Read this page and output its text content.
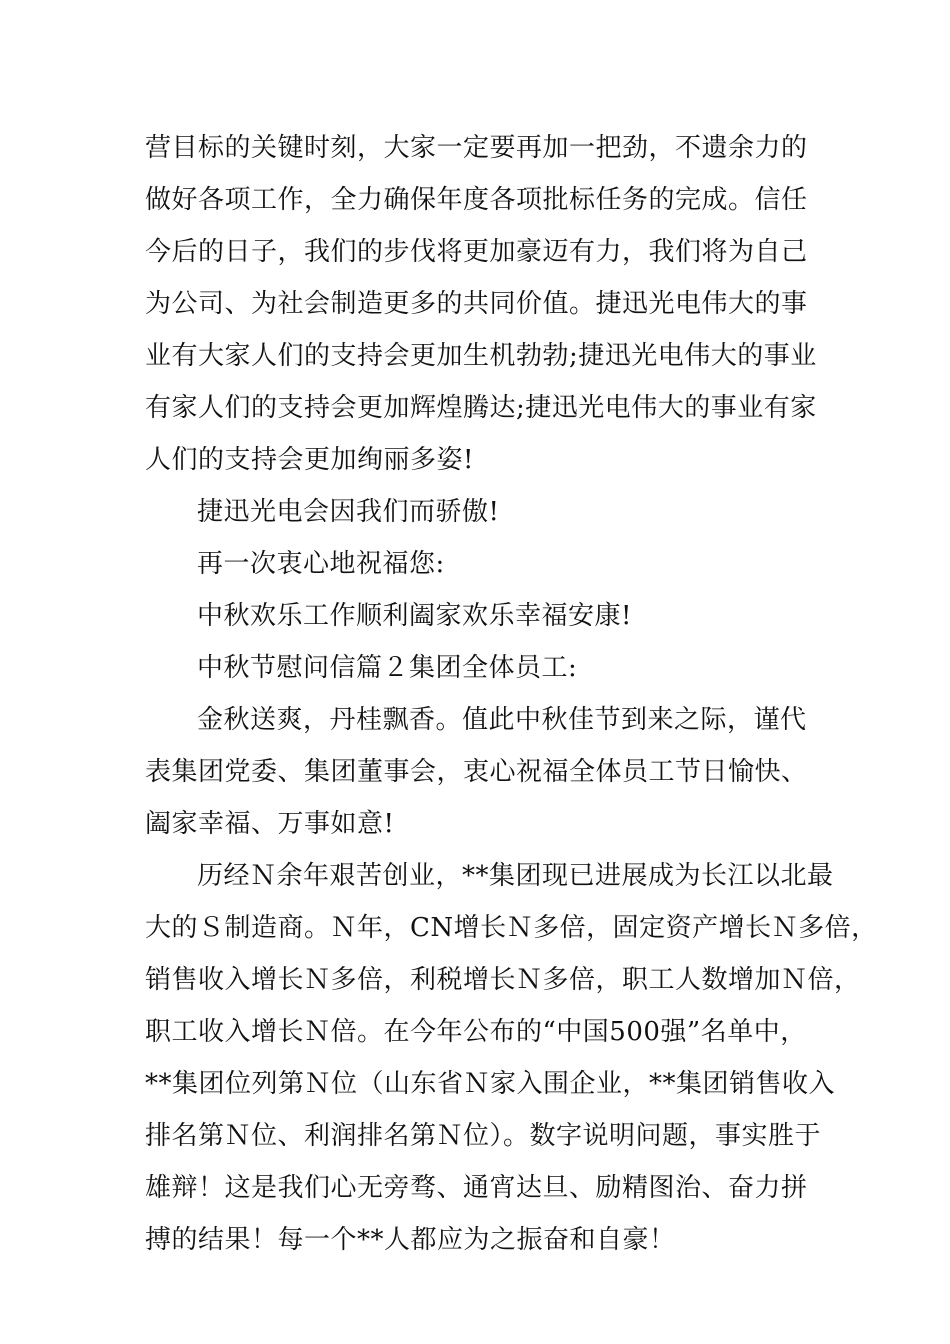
营目标的关键时刻，大家一定要再加一把劲，不遗余力的
做好各项工作，全力确保年度各项批标任务的完成。信任
今后的日子，我们的步伐将更加豪迈有力，我们将为自己
为公司、为社会制造更多的共同价值。捷迅光电伟大的事
业有大家人们的支持会更加生机勃勃;捷迅光电伟大的事业
有家人们的支持会更加辉煌腾达;捷迅光电伟大的事业有家
人们的支持会更加绚丽多姿!
捷迅光电会因我们而骄傲!
再一次衷心地祝福您:
中秋欢乐工作顺利阖家欢乐幸福安康!
中秋节慰问信篇２集团全体员工:
金秋送爽，丹桂飘香。值此中秋佳节到来之际，谨代
表集团党委、集团董事会，衷心祝福全体员工节日愉快、
阖家幸福、万事如意!
历经Ｎ余年艰苦创业，**集团现已进展成为长江以北最
大的Ｓ制造商。Ｎ年，CN增长Ｎ多倍，固定资产增长Ｎ多倍，
销售收入增长Ｎ多倍，利税增长Ｎ多倍，职工人数增加Ｎ倍，
职工收入增长Ｎ倍。在今年公布的“中国500强”名单中，
**集团位列第Ｎ位（山东省Ｎ家入围企业，**集团销售收入
排名第Ｎ位、利润排名第Ｎ位）。数字说明问题，事实胜于
雄辩！这是我们心无旁骛、通宵达旦、励精图治、奋力拼
搏的结果！每一个**人都应为之振奋和自豪！
